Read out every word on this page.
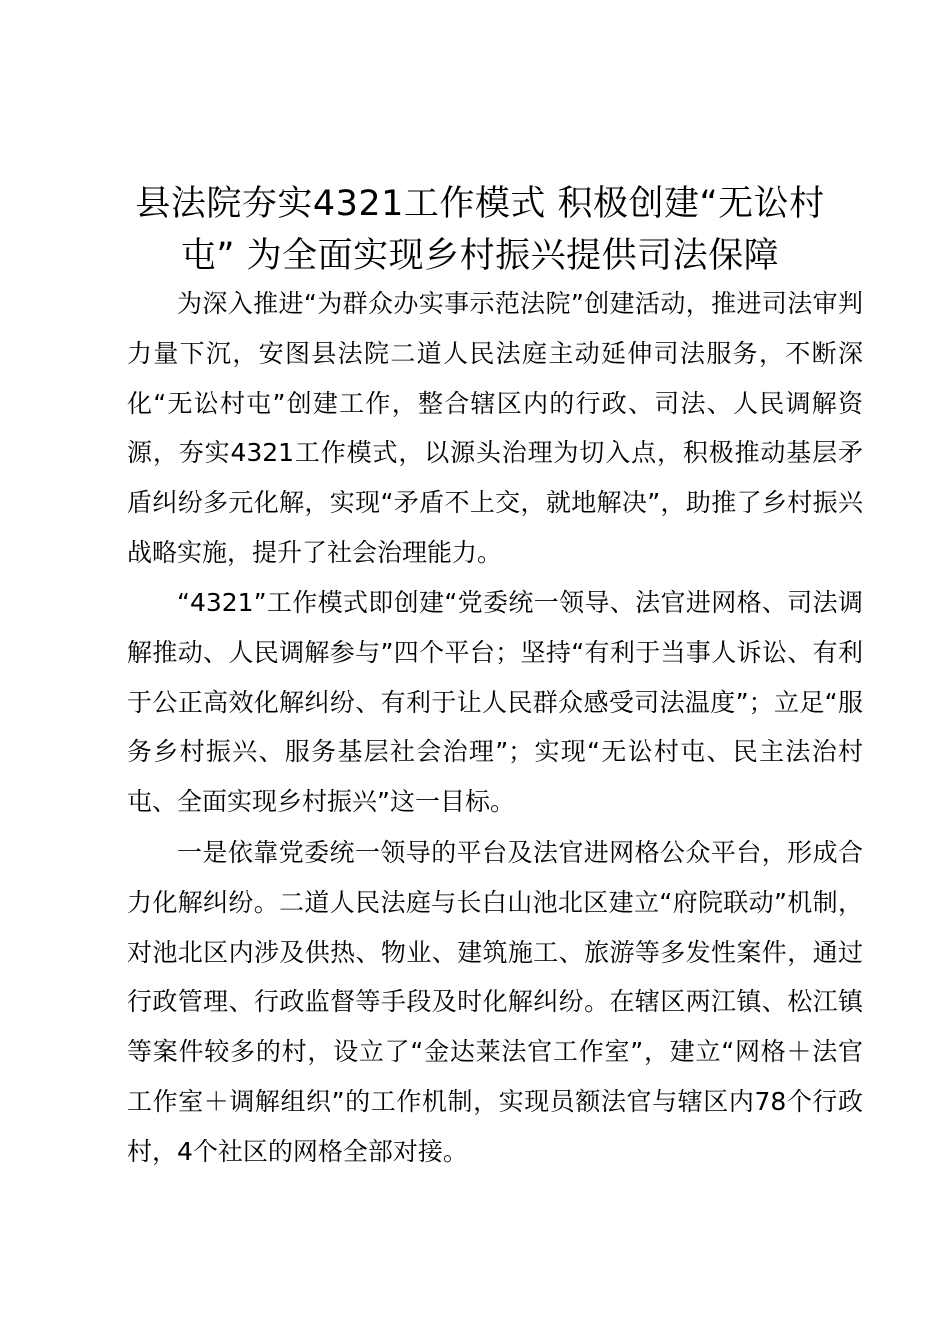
县法院夯实4321工作模式 积极创建“无讼村屯” 为全面实现乡村振兴提供司法保障

为深入推进“为群众办实事示范法院”创建活动，推进司法审判力量下沉，安图县法院二道人民法庭主动延伸司法服务，不断深化“无讼村屯”创建工作，整合辖区内的行政、司法、人民调解资源，夯实4321工作模式，以源头治理为切入点，积极推动基层矛盾纠纷多元化解，实现“矛盾不上交，就地解决”，助推了乡村振兴战略实施，提升了社会治理能力。

“4321”工作模式即创建“党委统一领导、法官进网格、司法调解推动、人民调解参与”四个平台；坚持“有利于当事人诉讼、有利于公正高效化解纠纷、有利于让人民群众感受司法温度”；立足“服务乡村振兴、服务基层社会治理”；实现“无讼村屯、民主法治村屯、全面实现乡村振兴”这一目标。

一是依靠党委统一领导的平台及法官进网格公众平台，形成合力化解纠纷。二道人民法庭与长白山池北区建立“府院联动”机制，对池北区内涉及供热、物业、建筑施工、旅游等多发性案件，通过行政管理、行政监督等手段及时化解纠纷。在辖区两江镇、松江镇等案件较多的村，设立了“金达莱法官工作室”，建立“网格＋法官工作室＋调解组织”的工作机制，实现员额法官与辖区内78个行政村，4个社区的网格全部对接。
